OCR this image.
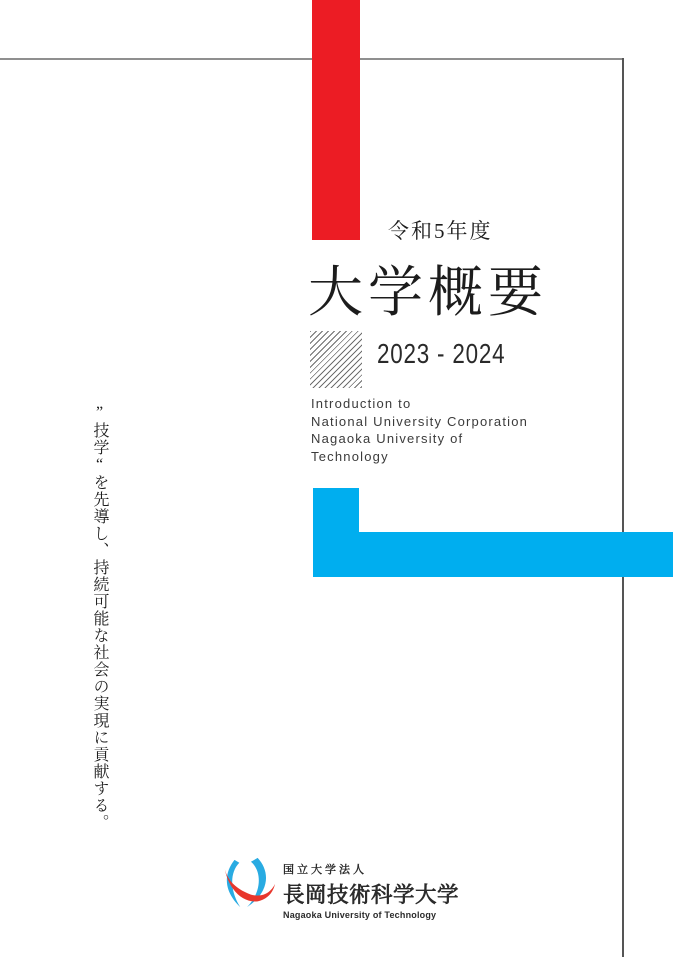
令和5年度
大学概要
2023 - 2024
Introduction to
National University Corporation
Nagaoka University of
Technology
”技学“を先導し、持続可能な社会の実現に貢献する。
国立大学法人
長岡技術科学大学
Nagaoka University of Technology
